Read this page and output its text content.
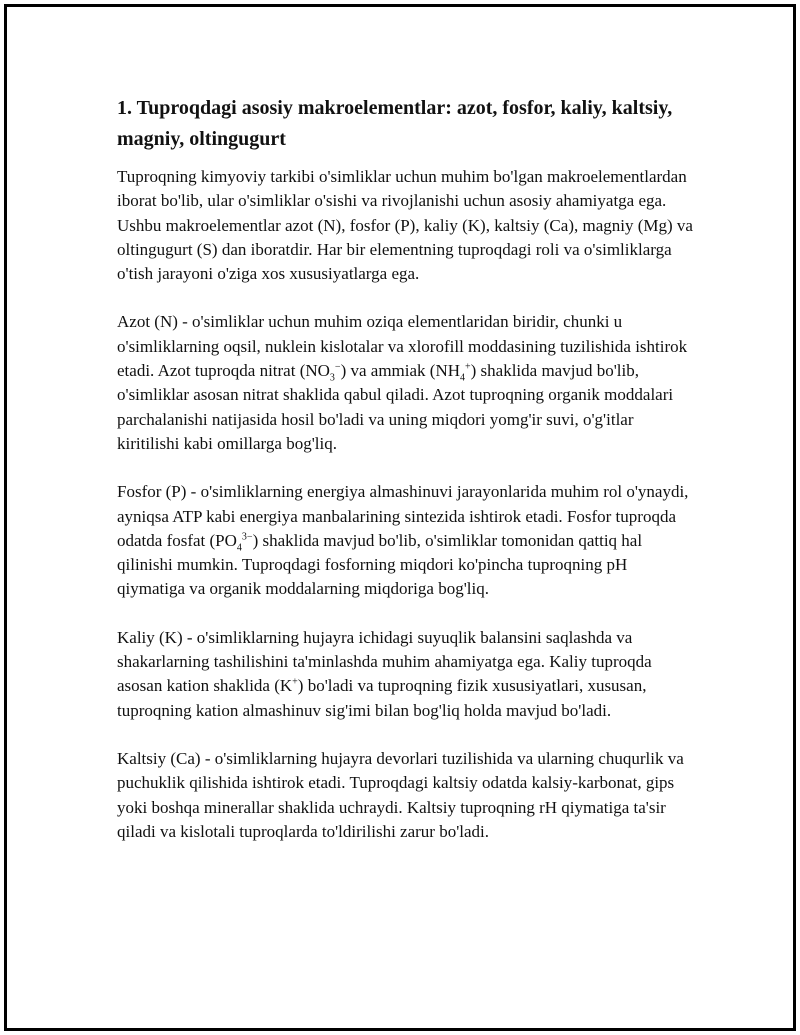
1. Tuproqdagi asosiy makroelementlar: azot, fosfor, kaliy, kaltsiy, magniy, oltingugurt

Tuproqning kimyoviy tarkibi o'simliklar uchun muhim bo'lgan makroelementlardan iborat bo'lib, ular o'simliklar o'sishi va rivojlanishi uchun asosiy ahamiyatga ega. Ushbu makroelementlar azot (N), fosfor (P), kaliy (K), kaltsiy (Ca), magniy (Mg) va oltingugurt (S) dan iboratdir. Har bir elementning tuproqdagi roli va o'simliklarga o'tish jarayoni o'ziga xos xususiyatlarga ega.

Azot (N) - o'simliklar uchun muhim oziqa elementlaridan biridir, chunki u o'simliklarning oqsil, nuklein kislotalar va xlorofill moddasining tuzilishida ishtirok etadi. Azot tuproqda nitrat $(NO_3^-)$ va ammiak $(NH_4^+)$ shaklida mavjud bo'lib, o'simliklar asosan nitrat shaklida qabul qiladi. Azot tuproqning organik moddalari parchalanishi natijasida hosil bo'ladi va uning miqdori yomg'ir suvi, o'g'itlar kiritilishi kabi omillarga bog'liq.

Fosfor (P) - o'simliklarning energiya almashinuvi jarayonlarida muhim rol o'ynaydi, ayniqsa ATP kabi energiya manbalarining sintezida ishtirok etadi. Fosfor tuproqda odatda fosfat $(PO_4^{3-})$ shaklida mavjud bo'lib, o'simliklar tomonidan qattiq hal qilinishi mumkin. Tuproqdagi fosforning miqdori ko'pincha tuproqning pH qiymatiga va organik moddalarning miqdoriga bog'liq.

Kaliy (K) - o'simliklarning hujayra ichidagi suyuqlik balansini saqlashda va shakarlarning tashilishini ta'minlashda muhim ahamiyatga ega. Kaliy tuproqda asosan kation shaklida (K+) bo'ladi va tuproqning fizik xususiyatlari, xususan, tuproqning kation almashinuv sig'imi bilan bog'liq holda mavjud bo'ladi.

Kaltsiy (Ca) - o'simliklarning hujayra devorlari tuzilishida va ularning chuqurlik va puchuklik qilishida ishtirok etadi. Tuproqdagi kaltsiy odatda kalsiy-karbonat, gips yoki boshqa minerallar shaklida uchraydi. Kaltsiy tuproqning rH qiymatiga ta'sir qiladi va kislotali tuproqlarda to'ldirilishi zarur bo'ladi.
